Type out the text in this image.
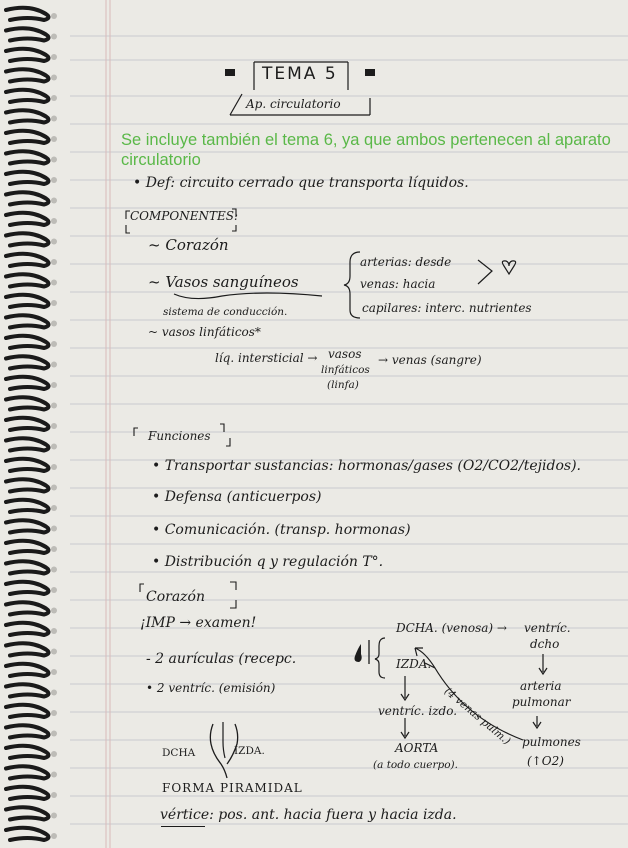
TEMA 5
Ap. circulatorio
Se incluye también el tema 6, ya que ambos pertenecen al aparato circulatorio
• Def: circuito cerrado que transporta líquidos.
COMPONENTES:
~ Corazón
~ Vasos sanguíneos
sistema de conducción.
~ vasos linfáticos*
arterias: desde
venas: hacia
capilares: interc. nutrientes
líq. intersticial → vasos
linfáticos
(linfa)
→ venas (sangre)
Funciones
• Transportar sustancias: hormonas/gases (O2/CO2/tejidos).
• Defensa (anticuerpos)
• Comunicación. (transp. hormonas)
• Distribución q y regulación T°.
Corazón
¡IMP → examen!
- 2 aurículas (recepc.
• 2 ventríc. (emisión)
DCHA. (venosa) → ventríc.
dcho
IZDA.
arteria
pulmonar
ventríc. izdo.
pulmones
(↑O2)
AORTA
(a todo cuerpo).
(4 venas pulm.)
DCHA	IZDA.
FORMA PIRAMIDAL
vértice: pos. ant. hacia fuera y hacia izda.
